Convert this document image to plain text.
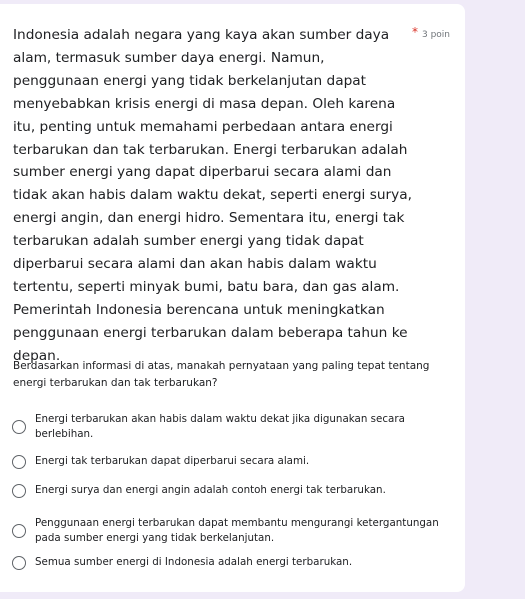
Indonesia adalah negara yang kaya akan sumber daya alam, termasuk sumber daya energi. Namun, penggunaan energi yang tidak berkelanjutan dapat menyebabkan krisis energi di masa depan. Oleh karena itu, penting untuk memahami perbedaan antara energi terbarukan dan tak terbarukan. Energi terbarukan adalah sumber energi yang dapat diperbarui secara alami dan tidak akan habis dalam waktu dekat, seperti energi surya, energi angin, dan energi hidro. Sementara itu, energi tak terbarukan adalah sumber energi yang tidak dapat diperbarui secara alami dan akan habis dalam waktu tertentu, seperti minyak bumi, batu bara, dan gas alam. Pemerintah Indonesia berencana untuk meningkatkan penggunaan energi terbarukan dalam beberapa tahun ke depan.

* 3 poin

Berdasarkan informasi di atas, manakah pernyataan yang paling tepat tentang energi terbarukan dan tak terbarukan?

Energi terbarukan akan habis dalam waktu dekat jika digunakan secara berlebihan.
Energi tak terbarukan dapat diperbarui secara alami.
Energi surya dan energi angin adalah contoh energi tak terbarukan.
Penggunaan energi terbarukan dapat membantu mengurangi ketergantungan pada sumber energi yang tidak berkelanjutan.
Semua sumber energi di Indonesia adalah energi terbarukan.
